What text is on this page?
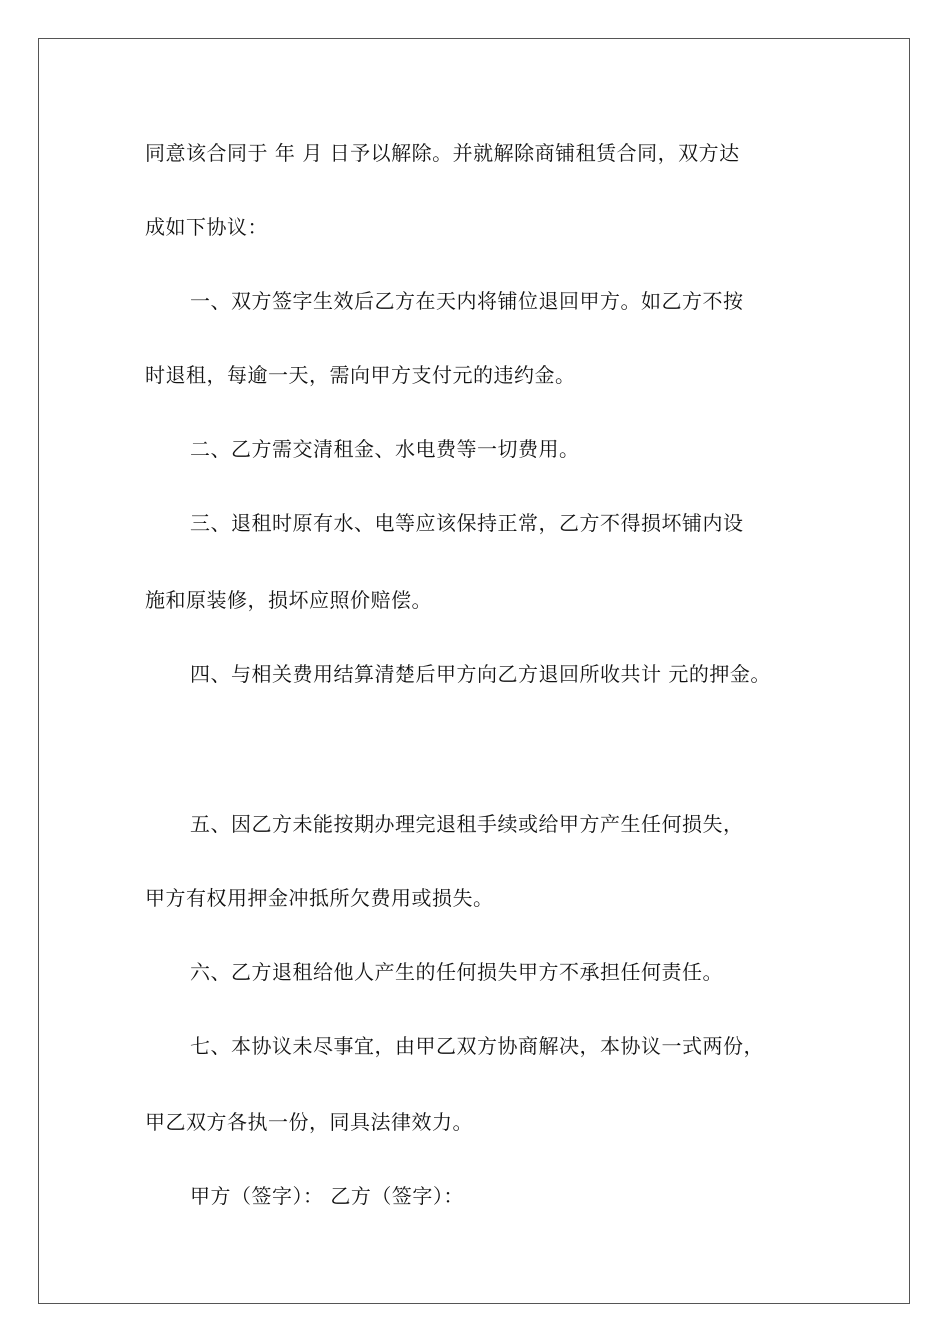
同意该合同于 年 月 日予以解除。并就解除商铺租赁合同，双方达
成如下协议：
一、双方签字生效后乙方在天内将铺位退回甲方。如乙方不按
时退租，每逾一天，需向甲方支付元的违约金。
二、乙方需交清租金、水电费等一切费用。
三、退租时原有水、电等应该保持正常，乙方不得损坏铺内设
施和原装修，损坏应照价赔偿。
四、与相关费用结算清楚后甲方向乙方退回所收共计 元的押金。
五、因乙方未能按期办理完退租手续或给甲方产生任何损失，
甲方有权用押金冲抵所欠费用或损失。
六、乙方退租给他人产生的任何损失甲方不承担任何责任。
七、本协议未尽事宜，由甲乙双方协商解决，本协议一式两份，
甲乙双方各执一份，同具法律效力。
甲方（签字）： 乙方（签字）：
